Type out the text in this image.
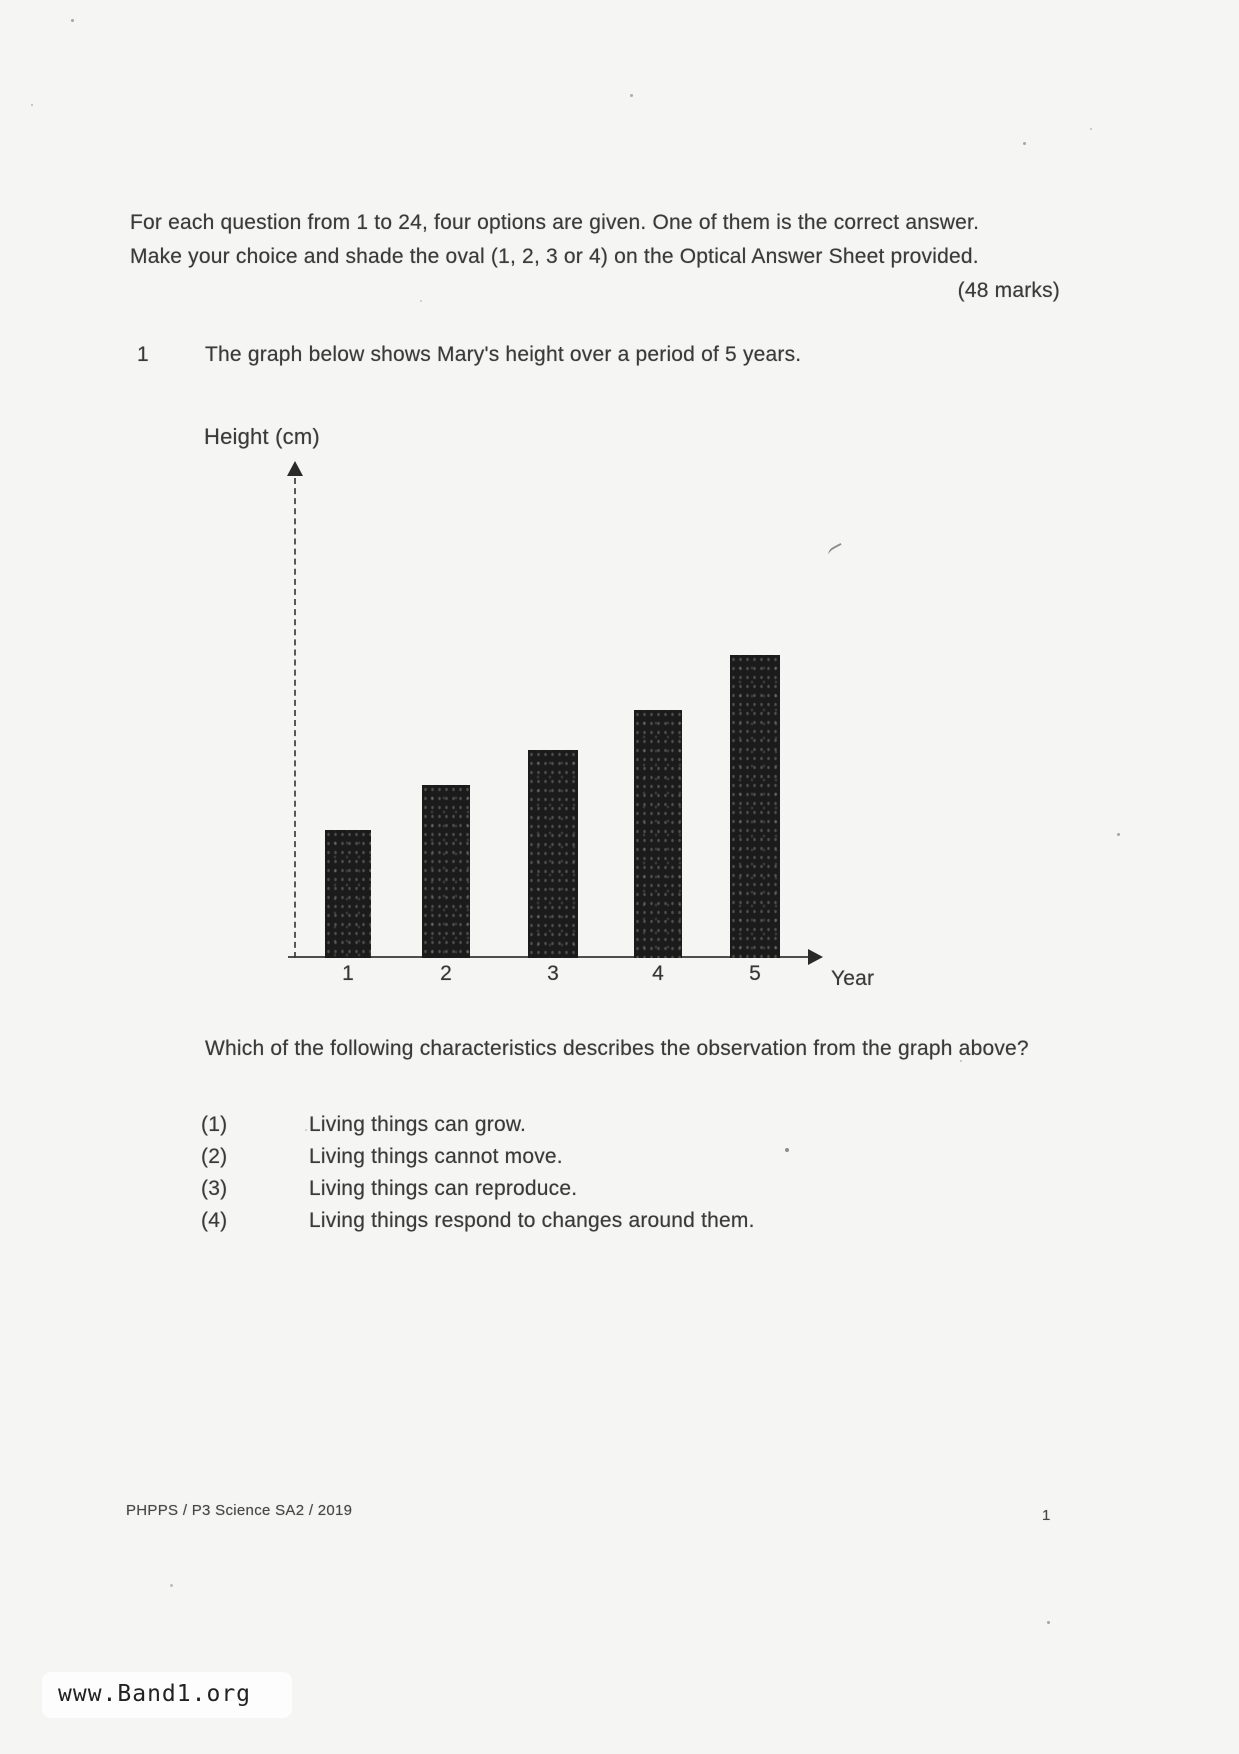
For each question from 1 to 24, four options are given. One of them is the correct answer.
Make your choice and shade the oval (1, 2, 3 or 4) on the Optical Answer Sheet provided.
(48 marks)
1	The graph below shows Mary's height over a period of 5 years.
Height (cm)
1	2	3	4	5	Year
Which of the following characteristics describes the observation from the graph above?
(1)	Living things can grow.
(2)	Living things cannot move.
(3)	Living things can reproduce.
(4)	Living things respond to changes around them.
PHPPS / P3 Science SA2 / 2019	1
www.Band1.org
